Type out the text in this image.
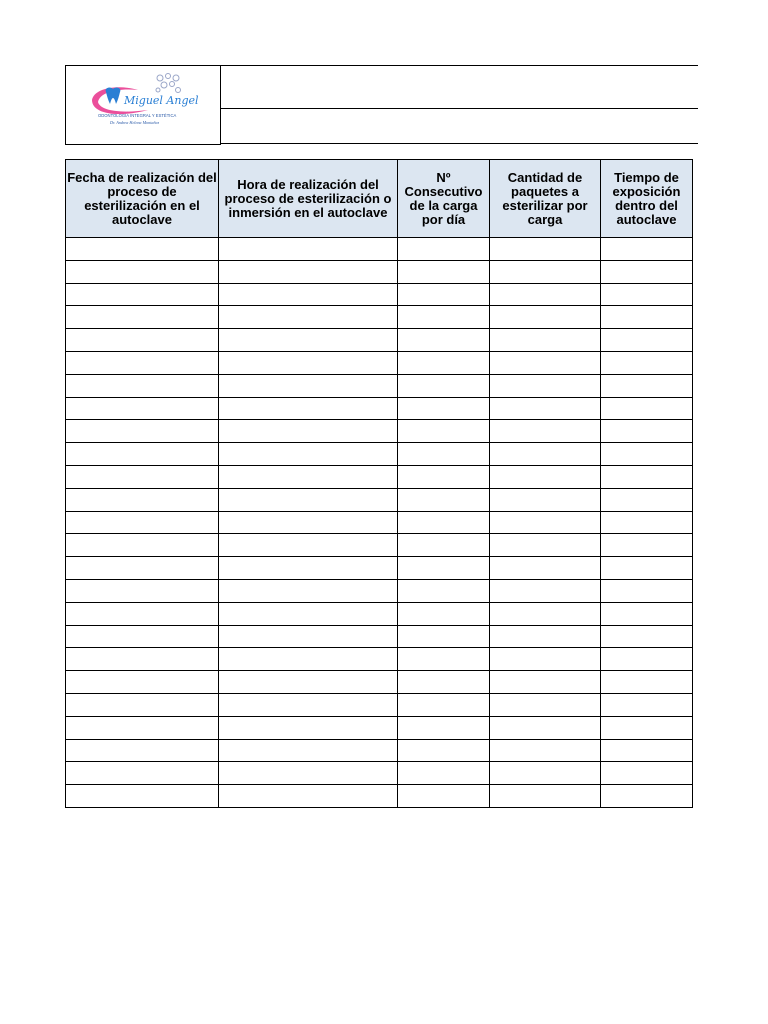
Miguel Angel
ODONTOLOGÍA INTEGRAL Y ESTÉTICA
Dr. Andrea Helena Montañez
Fecha de realización del proceso de esterilización en el autoclave	Hora de realización del proceso de esterilización o inmersión en el autoclave	Nº Consecutivo de la carga por día	Cantidad de paquetes a esterilizar por carga	Tiempo de exposición dentro del autoclave
